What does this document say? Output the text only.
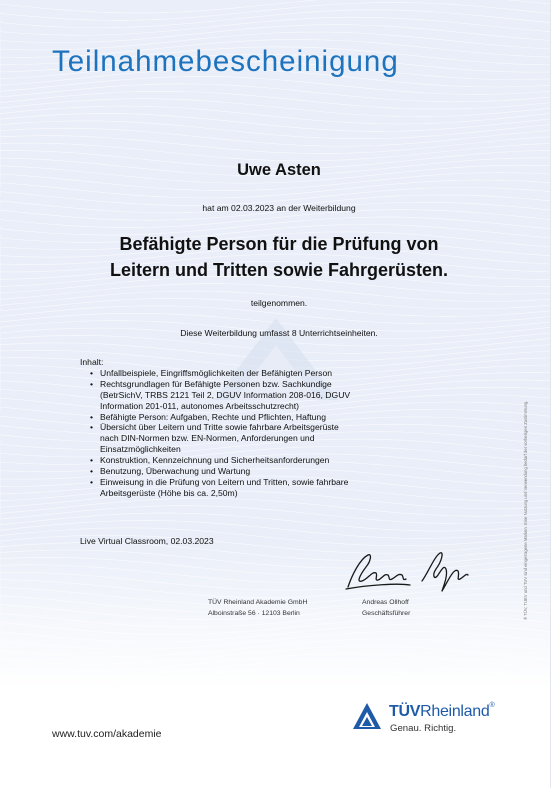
Teilnahmebescheinigung
Uwe Asten
hat am 02.03.2023 an der Weiterbildung
Befähigte Person für die Prüfung von
Leitern und Tritten sowie Fahrgerüsten.
teilgenommen.
Diese Weiterbildung umfasst 8 Unterrichtseinheiten.
Inhalt:
• Unfallbeispiele, Eingriffsmöglichkeiten der Befähigten Person
• Rechtsgrundlagen für Befähigte Personen bzw. Sachkundige
(BetrSichV, TRBS 2121 Teil 2, DGUV Information 208-016, DGUV
Information 201-011, autonomes Arbeitsschutzrecht)
• Befähigte Person: Aufgaben, Rechte und Pflichten, Haftung
• Übersicht über Leitern und Tritte sowie fahrbare Arbeitsgerüste
nach DIN-Normen bzw. EN-Normen, Anforderungen und
Einsatzmöglichkeiten
• Konstruktion, Kennzeichnung und Sicherheitsanforderungen
• Benutzung, Überwachung und Wartung
• Einweisung in die Prüfung von Leitern und Tritten, sowie fahrbare
Arbeitsgerüste (Höhe bis ca. 2,50m)
Live Virtual Classroom, 02.03.2023
TÜV Rheinland Akademie GmbH
Alboinstraße 56 · 12103 Berlin
Andreas Ollhoff
Geschäftsführer
www.tuv.com/akademie
TÜVRheinland®
Genau. Richtig.
® TÜV, TUEV und TUV sind eingetragene Marken. Eine Nutzung und Verwendung bedarf der vorherigen Zustimmung.
